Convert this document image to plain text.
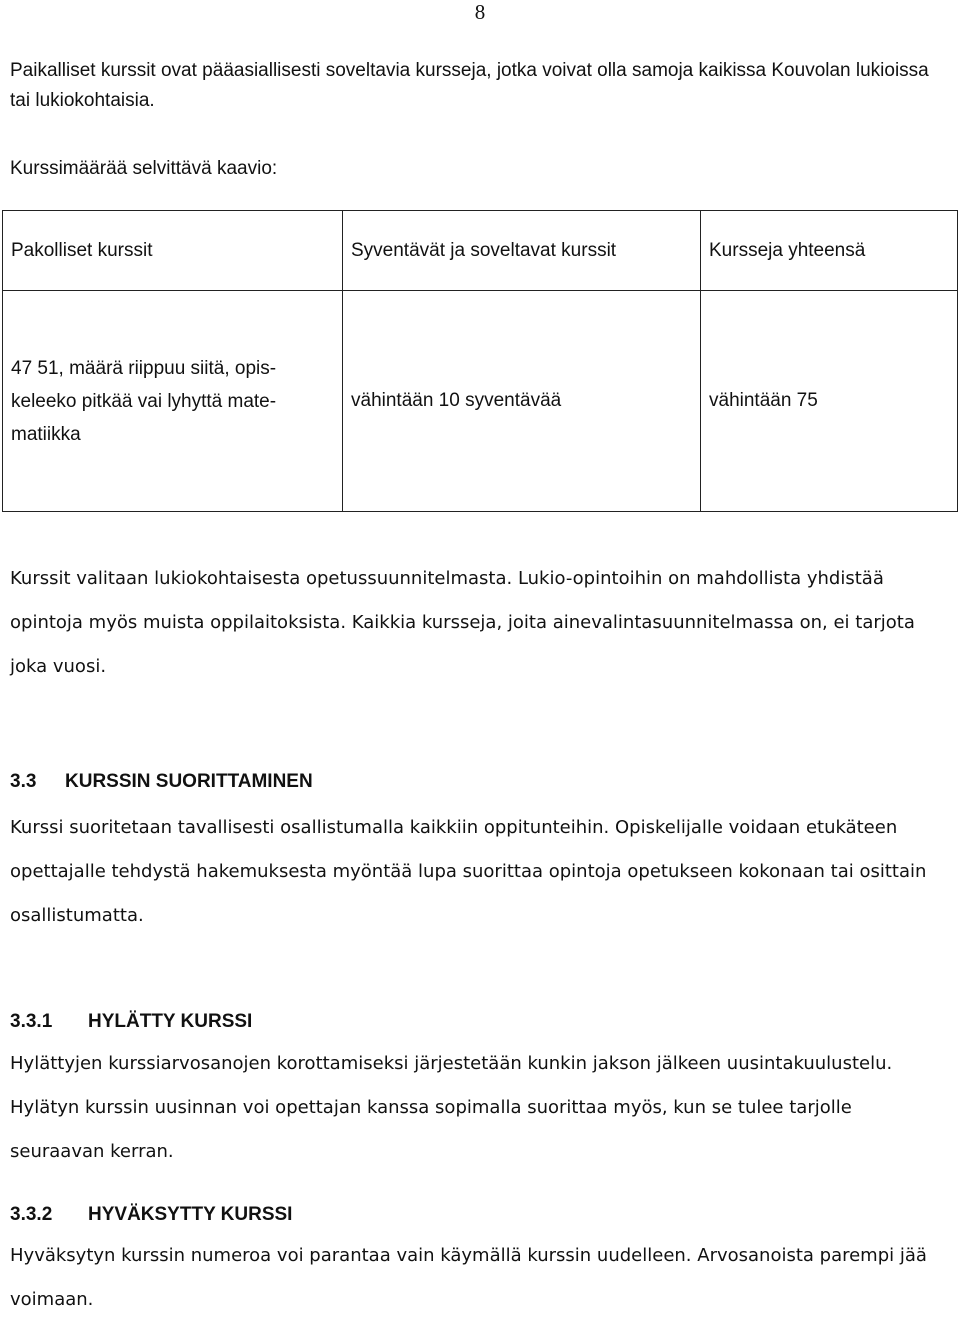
8
Paikalliset kurssit ovat pääasiallisesti soveltavia kursseja, jotka voivat olla samoja kaikissa Kouvolan lukioissa tai lukiokohtaisia.
Kurssimäärää selvittävä kaavio:
Pakolliset kurssit	Syventävät ja soveltavat kurssit	Kursseja yhteensä

47 51, määrä riippuu siitä, opis-keleeko pitkää vai lyhyttä mate-matiikka	vähintään 10 syventävää	vähintään 75
Kurssit valitaan lukiokohtaisesta opetussuunnitelmasta. Lukio-opintoihin on mahdollista yhdistää opintoja myös muista oppilaitoksista. Kaikkia kursseja, joita ainevalintasuunnitelmassa on, ei tarjota joka vuosi.
3.3 KURSSIN SUORITTAMINEN
Kurssi suoritetaan tavallisesti osallistumalla kaikkiin oppitunteihin. Opiskelijalle voidaan etukäteen opettajalle tehdystä hakemuksesta myöntää lupa suorittaa opintoja opetukseen kokonaan tai osittain osallistumatta.
3.3.1 HYLÄTTY KURSSI
Hylättyjen kurssiarvosanojen korottamiseksi järjestetään kunkin jakson jälkeen uusintakuulustelu. Hylätyn kurssin uusinnan voi opettajan kanssa sopimalla suorittaa myös, kun se tulee tarjolle seuraavan kerran.
3.3.2 HYVÄKSYTTY KURSSI
Hyväksytyn kurssin numeroa voi parantaa vain käymällä kurssin uudelleen. Arvosanoista parempi jää voimaan.
